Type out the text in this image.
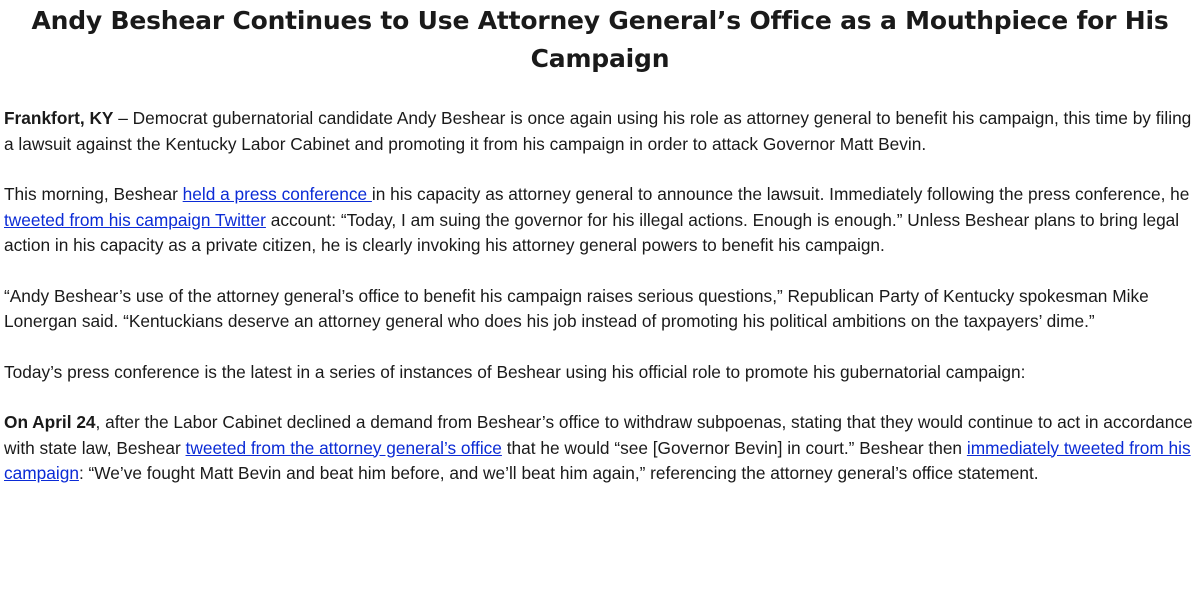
Andy Beshear Continues to Use Attorney General’s Office as a Mouthpiece for His Campaign

Frankfort, KY – Democrat gubernatorial candidate Andy Beshear is once again using his role as attorney general to benefit his campaign, this time by filing a lawsuit against the Kentucky Labor Cabinet and promoting it from his campaign in order to attack Governor Matt Bevin.

This morning, Beshear held a press conference in his capacity as attorney general to announce the lawsuit. Immediately following the press conference, he tweeted from his campaign Twitter account: “Today, I am suing the governor for his illegal actions. Enough is enough.” Unless Beshear plans to bring legal action in his capacity as a private citizen, he is clearly invoking his attorney general powers to benefit his campaign.

“Andy Beshear’s use of the attorney general’s office to benefit his campaign raises serious questions,” Republican Party of Kentucky spokesman Mike Lonergan said. “Kentuckians deserve an attorney general who does his job instead of promoting his political ambitions on the taxpayers’ dime.”

Today’s press conference is the latest in a series of instances of Beshear using his official role to promote his gubernatorial campaign:

On April 24, after the Labor Cabinet declined a demand from Beshear’s office to withdraw subpoenas, stating that they would continue to act in accordance with state law, Beshear tweeted from the attorney general’s office that he would “see [Governor Bevin] in court.” Beshear then immediately tweeted from his campaign: “We’ve fought Matt Bevin and beat him before, and we’ll beat him again,” referencing the attorney general’s office statement.
